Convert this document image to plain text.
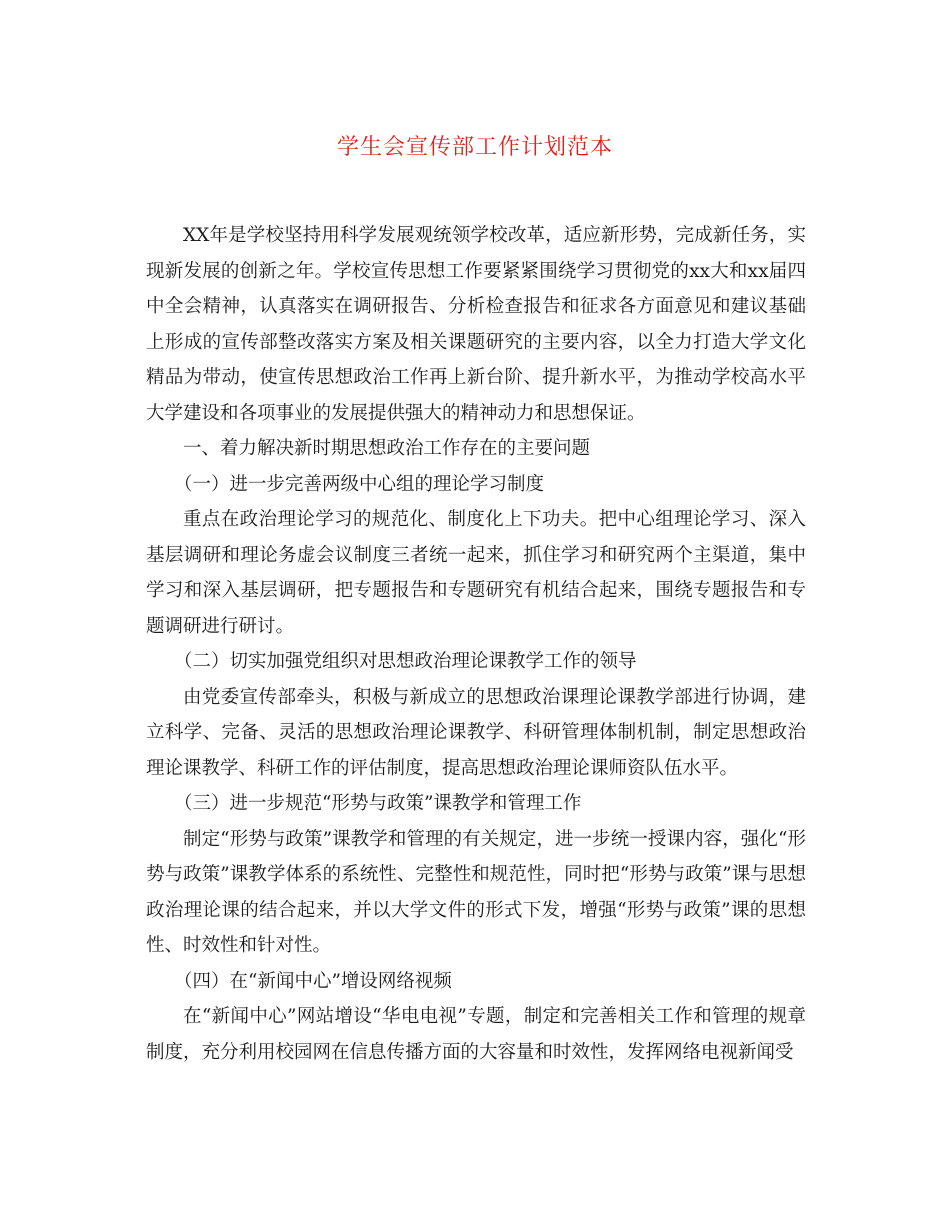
学生会宣传部工作计划范本

XX年是学校坚持用科学发展观统领学校改革，适应新形势，完成新任务，实现新发展的创新之年。学校宣传思想工作要紧紧围绕学习贯彻党的xx大和xx届四中全会精神，认真落实在调研报告、分析检查报告和征求各方面意见和建议基础上形成的宣传部整改落实方案及相关课题研究的主要内容，以全力打造大学文化精品为带动，使宣传思想政治工作再上新台阶、提升新水平，为推动学校高水平大学建设和各项事业的发展提供强大的精神动力和思想保证。

一、着力解决新时期思想政治工作存在的主要问题

（一）进一步完善两级中心组的理论学习制度

重点在政治理论学习的规范化、制度化上下功夫。把中心组理论学习、深入基层调研和理论务虚会议制度三者统一起来，抓住学习和研究两个主渠道，集中学习和深入基层调研，把专题报告和专题研究有机结合起来，围绕专题报告和专题调研进行研讨。

（二）切实加强党组织对思想政治理论课教学工作的领导

由党委宣传部牵头，积极与新成立的思想政治课理论课教学部进行协调，建立科学、完备、灵活的思想政治理论课教学、科研管理体制机制，制定思想政治理论课教学、科研工作的评估制度，提高思想政治理论课师资队伍水平。

（三）进一步规范“形势与政策”课教学和管理工作

制定“形势与政策”课教学和管理的有关规定，进一步统一授课内容，强化“形势与政策”课教学体系的系统性、完整性和规范性，同时把“形势与政策”课与思想政治理论课的结合起来，并以大学文件的形式下发，增强“形势与政策”课的思想性、时效性和针对性。

（四）在“新闻中心”增设网络视频

在“新闻中心”网站增设“华电电视”专题，制定和完善相关工作和管理的规章制度，充分利用校园网在信息传播方面的大容量和时效性，发挥网络电视新闻受
